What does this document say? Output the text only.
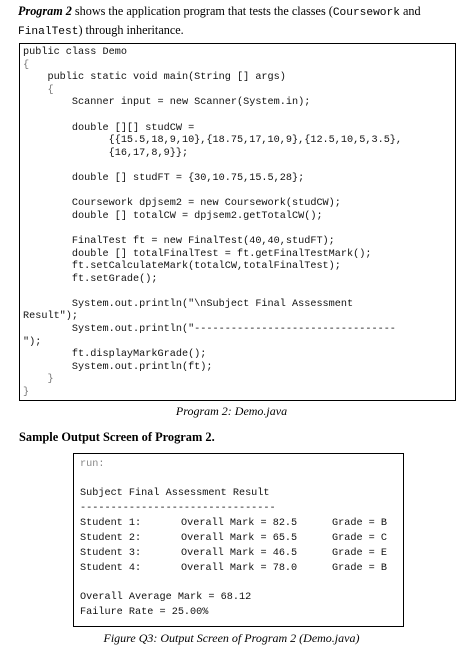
Program 2 shows the application program that tests the classes (Coursework and FinalTest) through inheritance.
public class Demo
{
public static void main(String [] args)
{
Scanner input = new Scanner(System.in);

double [][] studCW =
{{15.5,18,9,10},{18.75,17,10,9},{12.5,10,5,3.5},
{16,17,8,9}};

double [] studFT = {30,10.75,15.5,28};

Coursework dpjsem2 = new Coursework(studCW);
double [] totalCW = dpjsem2.getTotalCW();

FinalTest ft = new FinalTest(40,40,studFT);
double [] totalFinalTest = ft.getFinalTestMark();
ft.setCalculateMark(totalCW,totalFinalTest);
ft.setGrade();

System.out.println("\nSubject Final Assessment
Result");
System.out.println("---------------------------------
");
ft.displayMarkGrade();
System.out.println(ft);
}
}
Program 2: Demo.java
Sample Output Screen of Program 2.
run:
Subject Final Assessment Result
--------------------------------
Student 1:	Overall Mark = 82.5	Grade = B
Student 2:	Overall Mark = 65.5	Grade = C
Student 3:	Overall Mark = 46.5	Grade = E
Student 4:	Overall Mark = 78.0	Grade = B
Overall Average Mark = 68.12
Failure Rate = 25.00%
Figure Q3: Output Screen of Program 2 (Demo.java)
